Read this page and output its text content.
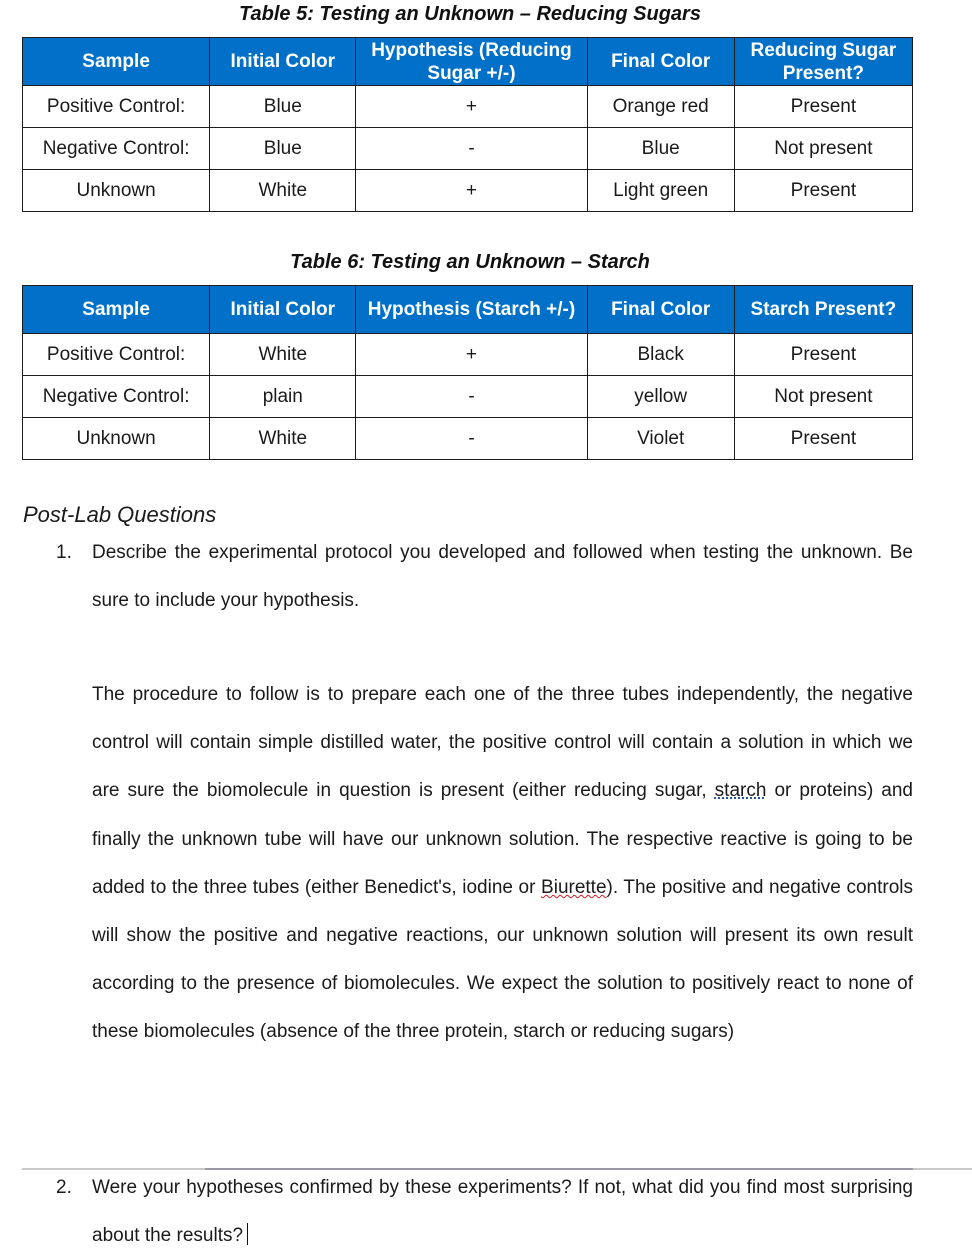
Table 5: Testing an Unknown – Reducing Sugars
Sample	Initial Color	Hypothesis (Reducing Sugar +/-)	Final Color	Reducing Sugar Present?
Positive Control:	Blue	+	Orange red	Present
Negative Control:	Blue	-	Blue	Not present
Unknown	White	+	Light green	Present
Table 6: Testing an Unknown – Starch
Sample	Initial Color	Hypothesis (Starch +/-)	Final Color	Starch Present?
Positive Control:	White	+	Black	Present
Negative Control:	plain	-	yellow	Not present
Unknown	White	-	Violet	Present
Post-Lab Questions
1. Describe the experimental protocol you developed and followed when testing the unknown. Be sure to include your hypothesis.
The procedure to follow is to prepare each one of the three tubes independently, the negative control will contain simple distilled water, the positive control will contain a solution in which we are sure the biomolecule in question is present (either reducing sugar, starch or proteins) and finally the unknown tube will have our unknown solution. The respective reactive is going to be added to the three tubes (either Benedict's, iodine or Biurette). The positive and negative controls will show the positive and negative reactions, our unknown solution will present its own result according to the presence of biomolecules. We expect the solution to positively react to none of these biomolecules (absence of the three protein, starch or reducing sugars)
2. Were your hypotheses confirmed by these experiments? If not, what did you find most surprising about the results?
